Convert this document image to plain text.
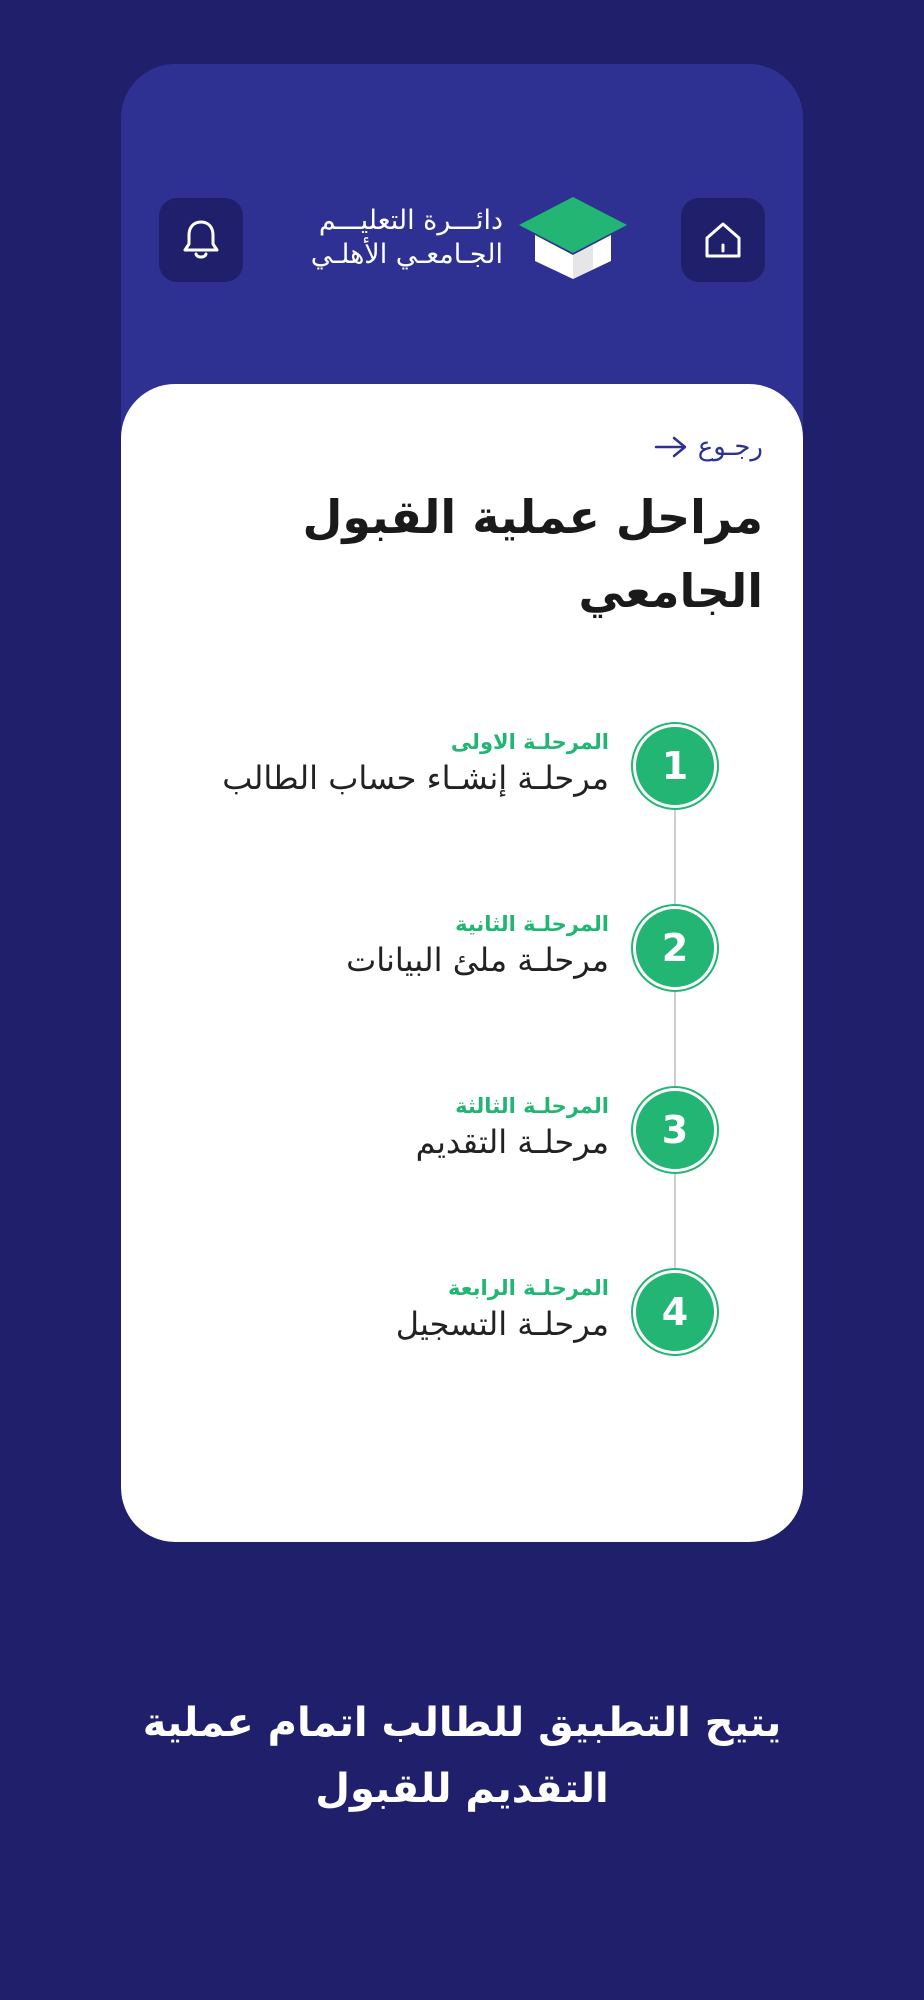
دائـــرة التعليـــم
الجـامعـي الأهلـي
رجـوع
مراحل عملية القبول
الجامعي
1
المرحلـة الاولى
مرحلـة إنشـاء حساب الطالب
2
المرحلـة الثانية
مرحلـة ملئ البيانات
3
المرحلـة الثالثة
مرحلـة التقديم
4
المرحلـة الرابعة
مرحلـة التسجيل
يتيح التطبيق للطالب اتمام عملية
التقديم للقبول
